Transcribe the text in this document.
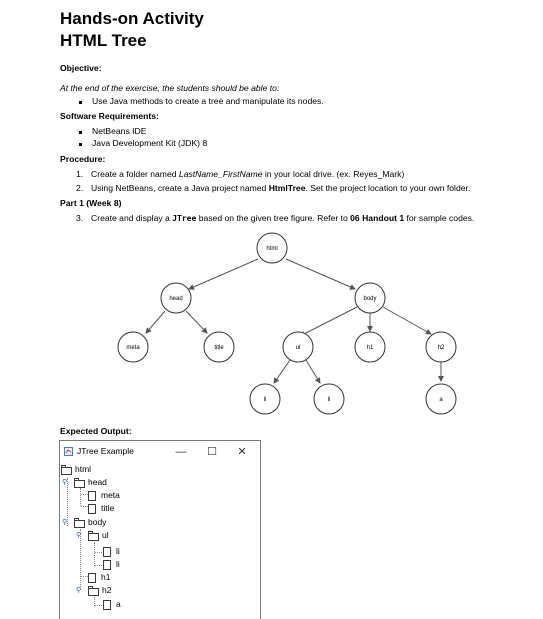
Hands-on Activity
HTML Tree
Objective:
At the end of the exercise, the students should be able to:
Use Java methods to create a tree and manipulate its nodes.
Software Requirements:
NetBeans IDE
Java Development Kit (JDK) 8
Procedure:
1. Create a folder named LastName_FirstName in your local drive. (ex. Reyes_Mark)
2. Using NetBeans, create a Java project named HtmlTree. Set the project location to your own folder.
Part 1 (Week 8)
3. Create and display a JTree based on the given tree figure. Refer to 06 Handout 1 for sample codes.
html
head	body
meta	title	ul	h1	h2
li	li	a
Expected Output:
JTree Example	— ☐	✕
html
⚲ head
meta
title
⚲ body
⚲ ul
li
li
h1
⚲ h2
a
